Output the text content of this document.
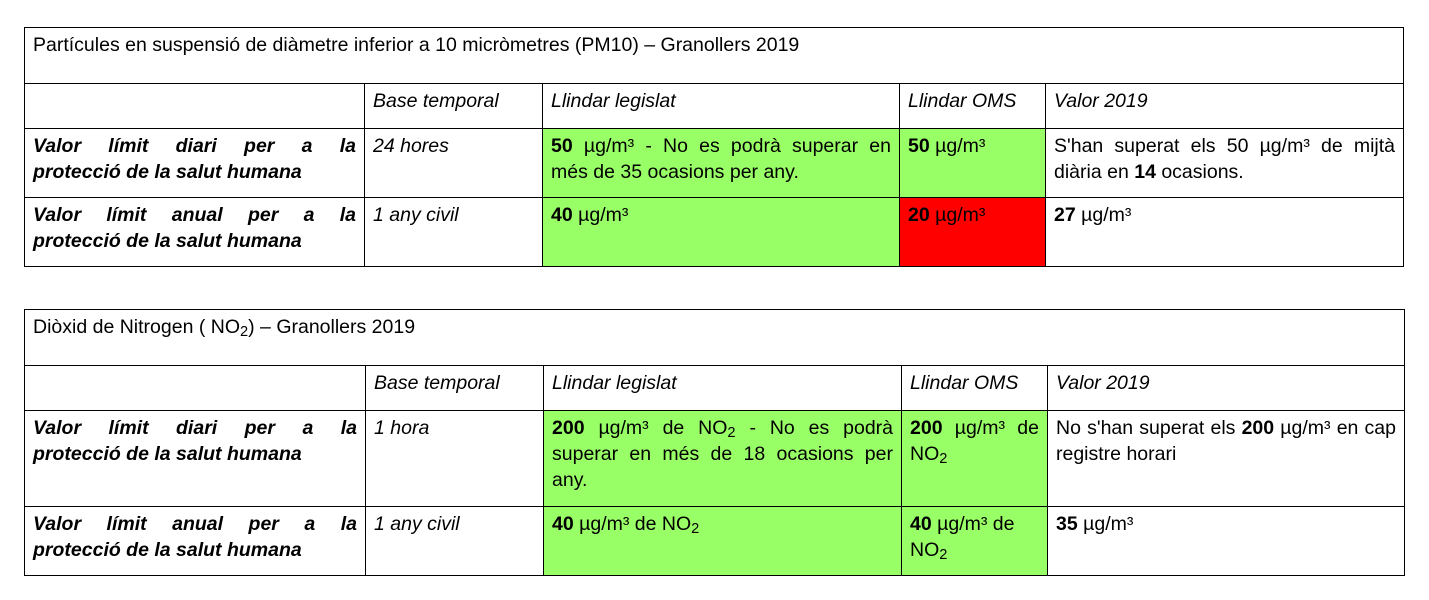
Partícules en suspensió de diàmetre inferior a 10 micròmetres (PM10) – Granollers 2019				
	Base temporal	Llindar legislat	Llindar OMS	Valor 2019

Valor límit diari per a la
protecció de la salut humana	24 hores	50 µg/m³ - No es podrà superar en més de 35 ocasions per any.	50 µg/m³	S'han superat els 50 µg/m³ de mijtà diària en 14 ocasions.

Valor límit anual per a la
protecció de la salut humana	1 any civil	40 µg/m³	20 µg/m³	27 µg/m³
Diòxid de Nitrogen ( $NO_2$) – Granollers 2019				
	Base temporal	Llindar legislat	Llindar OMS	Valor 2019

Valor límit diari per a la
protecció de la salut humana	1 hora	200 µg/m³ de $NO_2$ - No es podrà superar en més de 18 ocasions per any.	200 µg/m³ de $NO_2$	No s'han superat els 200 µg/m³ en cap registre horari

Valor límit anual per a la
protecció de la salut humana	1 any civil	40 µg/m³ de $NO_2$	40 µg/m³ de $NO_2$	35 µg/m³
